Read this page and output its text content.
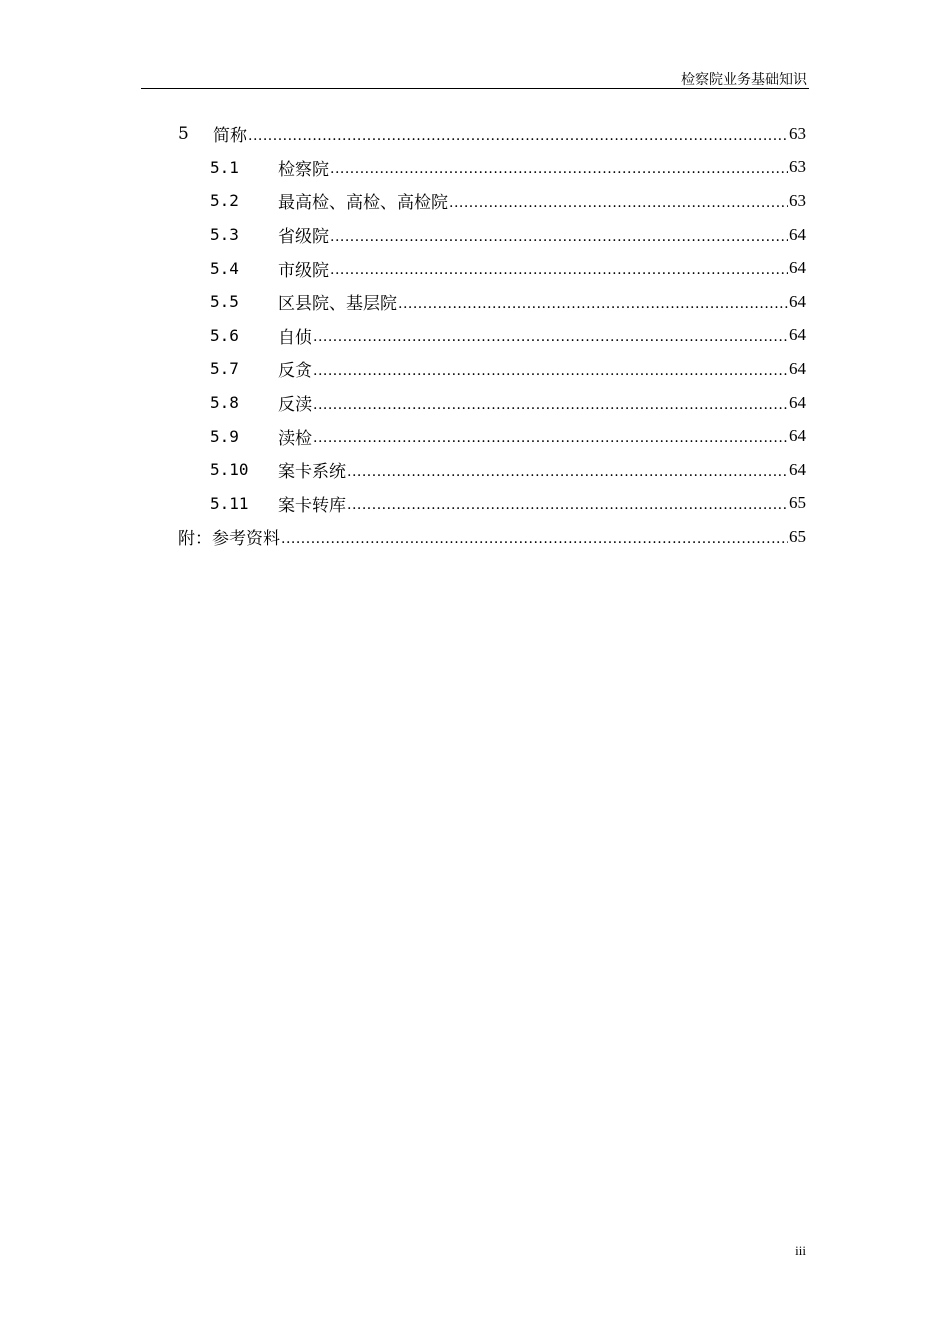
检察院业务基础知识
5	简称 .....	63
5.1	检察院 .....	63
5.2	最高检、高检、高检院 .....	63
5.3	省级院 .....	64
5.4	市级院 .....	64
5.5	区县院、基层院 .....	64
5.6	自侦 .....	64
5.7	反贪 .....	64
5.8	反渎 .....	64
5.9	渎检 .....	64
5.10	案卡系统 .....	64
5.11	案卡转库 .....	65
附：参考资料 .....	65
iii
